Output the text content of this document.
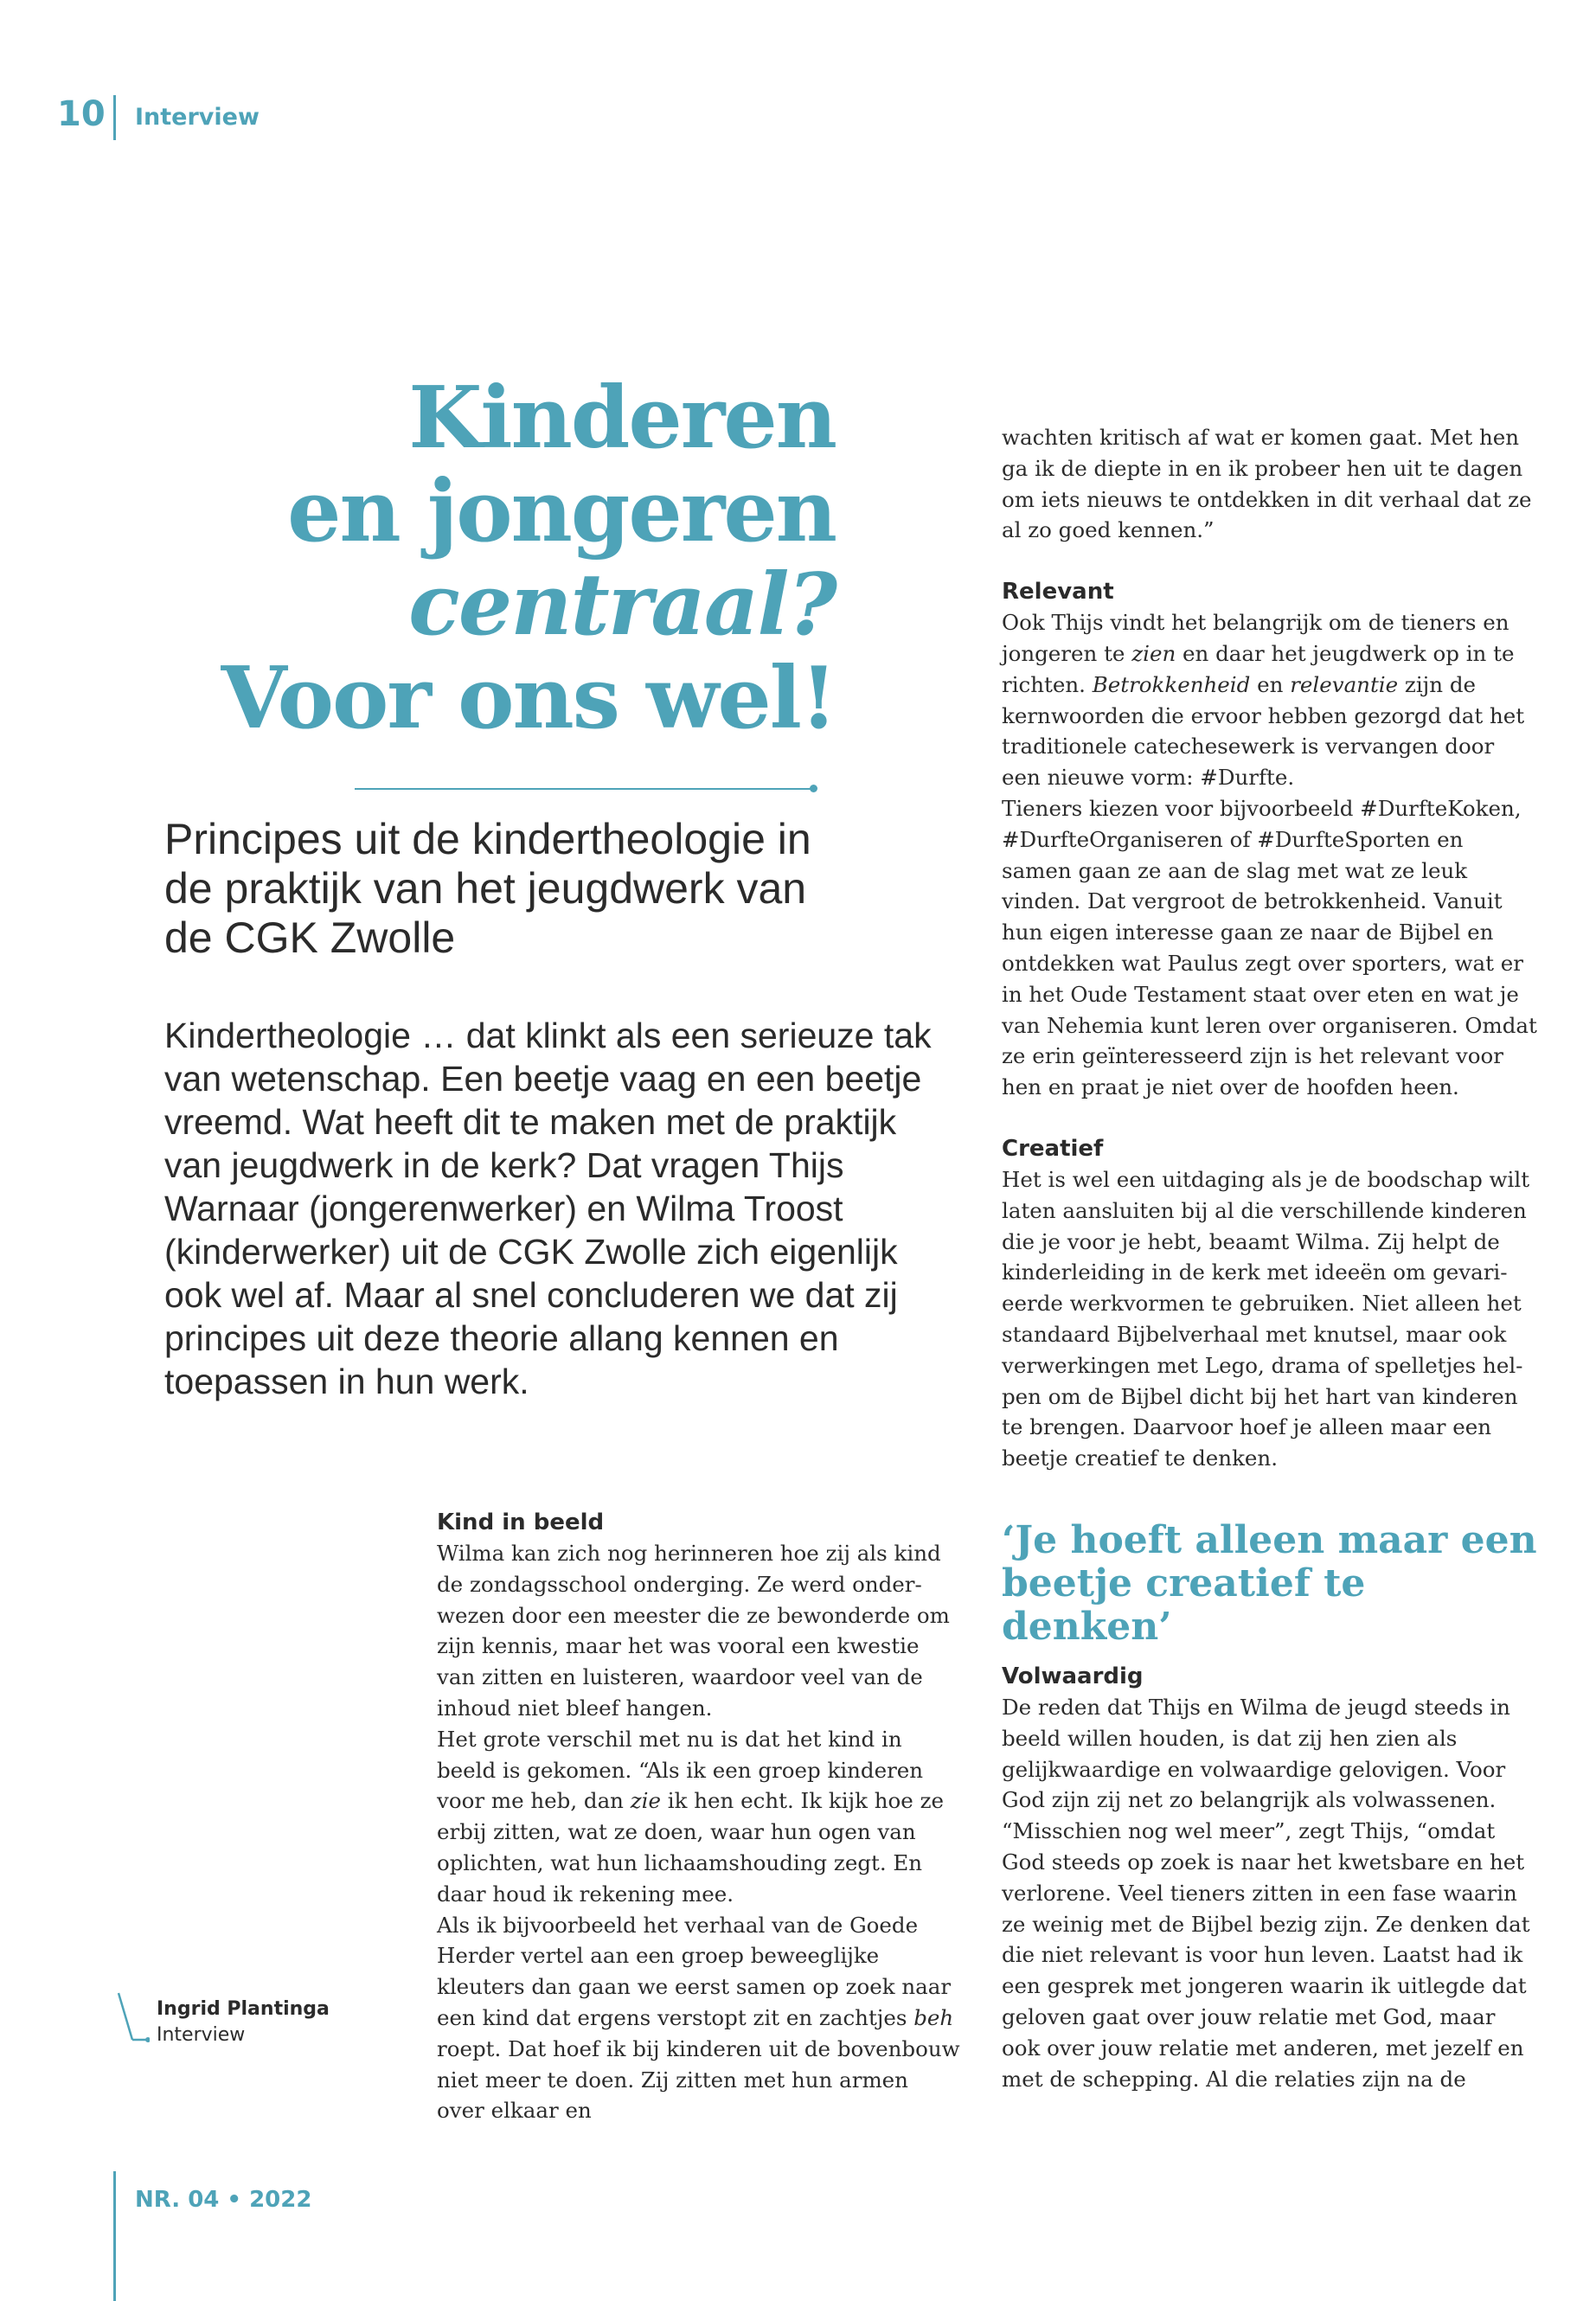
10 Interview
Kinderen
en jongeren
centraal?
Voor ons wel!
Principes uit de kindertheologie in de praktijk van het jeugdwerk van de CGK Zwolle
Kindertheologie … dat klinkt als een serieuze tak van wetenschap. Een beetje vaag en een beetje vreemd. Wat heeft dit te maken met de praktijk van jeugdwerk in de kerk? Dat vragen Thijs Warnaar (jongerenwerker) en Wilma Troost (kinderwerker) uit de CGK Zwolle zich eigenlijk ook wel af. Maar al snel concluderen we dat zij principes uit deze theorie allang kennen en toepassen in hun werk.
Ingrid Plantinga
Interview
Kind in beeld

Wilma kan zich nog herinneren hoe zij als kind de zondagsschool onderging. Ze werd onderwezen door een meester die ze bewonderde om zijn kennis, maar het was vooral een kwestie van zitten en luisteren, waardoor veel van de inhoud niet bleef hangen.

Het grote verschil met nu is dat het kind in beeld is gekomen. “Als ik een groep kinderen voor me heb, dan zie ik hen echt. Ik kijk hoe ze erbij zitten, wat ze doen, waar hun ogen van oplichten, wat hun lichaamshouding zegt. En daar houd ik rekening mee.

Als ik bijvoorbeeld het verhaal van de Goede Herder vertel aan een groep beweeglijke kleuters dan gaan we eerst samen op zoek naar een kind dat ergens verstopt zit en zachtjes beh roept. Dat hoef ik bij kinderen uit de bovenbouw niet meer te doen. Zij zitten met hun armen over elkaar en

wachten kritisch af wat er komen gaat. Met hen ga ik de diepte in en ik probeer hen uit te dagen om iets nieuws te ontdekken in dit verhaal dat ze al zo goed kennen.”

Relevant

Ook Thijs vindt het belangrijk om de tieners en jongeren te zien en daar het jeugdwerk op in te richten. Betrokkenheid en relevantie zijn de kernwoorden die ervoor hebben gezorgd dat het traditionele catechesewerk is vervangen door een nieuwe vorm: #Durfte.

Tieners kiezen voor bijvoorbeeld #DurfteKoken, #DurfteOrganiseren of #DurfteSporten en samen gaan ze aan de slag met wat ze leuk vinden. Dat vergroot de betrokkenheid. Vanuit hun eigen interesse gaan ze naar de Bijbel en ontdekken wat Paulus zegt over sporters, wat er in het Oude Testament staat over eten en wat je van Nehemia kunt leren over organiseren. Omdat ze erin geïnteresseerd zijn is het relevant voor hen en praat je niet over de hoofden heen.

Creatief

Het is wel een uitdaging als je de boodschap wilt laten aansluiten bij al die verschillende kinderen die je voor je hebt, beaamt Wilma. Zij helpt de kinderleiding in de kerk met ideeën om gevarieerde werkvormen te gebruiken. Niet alleen het standaard Bijbelverhaal met knutsel, maar ook verwerkingen met Lego, drama of spelletjes helpen om de Bijbel dicht bij het hart van kinderen te brengen. Daarvoor hoef je alleen maar een beetje creatief te denken.

‘Je hoeft alleen maar een beetje creatief te denken’
Volwaardig

De reden dat Thijs en Wilma de jeugd steeds in beeld willen houden, is dat zij hen zien als gelijkwaardige en volwaardige gelovigen. Voor God zijn zij net zo belangrijk als volwassenen. “Misschien nog wel meer”, zegt Thijs, “omdat God steeds op zoek is naar het kwetsbare en het verlorene. Veel tieners zitten in een fase waarin ze weinig met de Bijbel bezig zijn. Ze denken dat die niet relevant is voor hun leven. Laatst had ik een gesprek met jongeren waarin ik uitlegde dat geloven gaat over jouw relatie met God, maar ook over jouw relatie met anderen, met jezelf en met de schepping. Al die relaties zijn na de

NR. 04 • 2022
